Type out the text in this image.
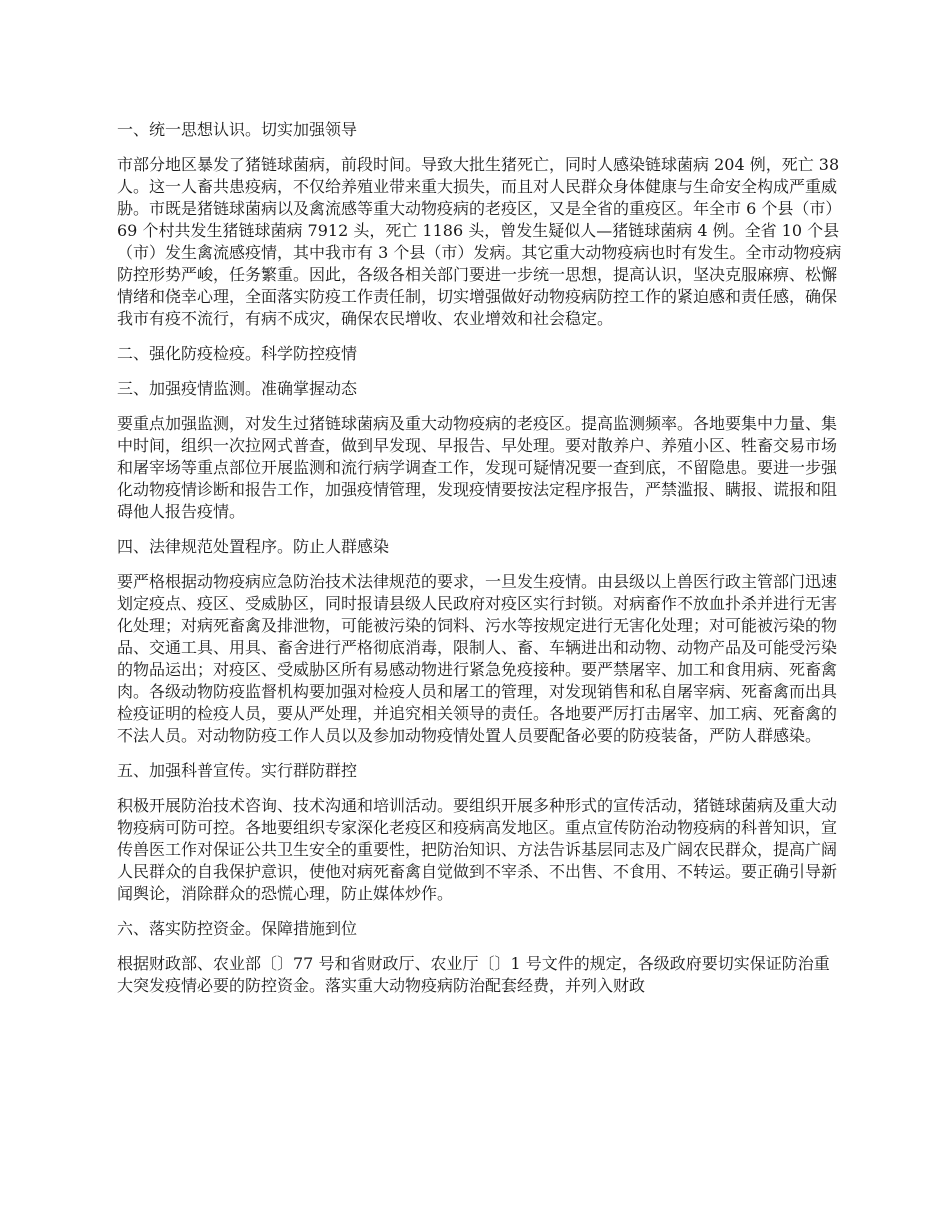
一、统一思想认识。切实加强领导
市部分地区暴发了猪链球菌病，前段时间。导致大批生猪死亡，同时人感染链球菌病 204 例，死亡 38 人。这一人畜共患疫病，不仅给养殖业带来重大损失，而且对人民群众身体健康与生命安全构成严重威胁。市既是猪链球菌病以及禽流感等重大动物疫病的老疫区，又是全省的重疫区。年全市 6 个县（市）69 个村共发生猪链球菌病 7912 头，死亡 1186 头，曾发生疑似人—猪链球菌病 4 例。全省 10 个县（市）发生禽流感疫情，其中我市有 3 个县（市）发病。其它重大动物疫病也时有发生。全市动物疫病防控形势严峻，任务繁重。因此，各级各相关部门要进一步统一思想，提高认识，坚决克服麻痹、松懈情绪和侥幸心理，全面落实防疫工作责任制，切实增强做好动物疫病防控工作的紧迫感和责任感，确保我市有疫不流行，有病不成灾，确保农民增收、农业增效和社会稳定。
二、强化防疫检疫。科学防控疫情
三、加强疫情监测。准确掌握动态
要重点加强监测，对发生过猪链球菌病及重大动物疫病的老疫区。提高监测频率。各地要集中力量、集中时间，组织一次拉网式普查，做到早发现、早报告、早处理。要对散养户、养殖小区、牲畜交易市场和屠宰场等重点部位开展监测和流行病学调查工作，发现可疑情况要一查到底，不留隐患。要进一步强化动物疫情诊断和报告工作，加强疫情管理，发现疫情要按法定程序报告，严禁滥报、瞒报、谎报和阻碍他人报告疫情。
四、法律规范处置程序。防止人群感染
要严格根据动物疫病应急防治技术法律规范的要求，一旦发生疫情。由县级以上兽医行政主管部门迅速划定疫点、疫区、受威胁区，同时报请县级人民政府对疫区实行封锁。对病畜作不放血扑杀并进行无害化处理；对病死畜禽及排泄物，可能被污染的饲料、污水等按规定进行无害化处理；对可能被污染的物品、交通工具、用具、畜舍进行严格彻底消毒，限制人、畜、车辆进出和动物、动物产品及可能受污染的物品运出；对疫区、受威胁区所有易感动物进行紧急免疫接种。要严禁屠宰、加工和食用病、死畜禽肉。各级动物防疫监督机构要加强对检疫人员和屠工的管理，对发现销售和私自屠宰病、死畜禽而出具检疫证明的检疫人员，要从严处理，并追究相关领导的责任。各地要严厉打击屠宰、加工病、死畜禽的不法人员。对动物防疫工作人员以及参加动物疫情处置人员要配备必要的防疫装备，严防人群感染。
五、加强科普宣传。实行群防群控
积极开展防治技术咨询、技术沟通和培训活动。要组织开展多种形式的宣传活动，猪链球菌病及重大动物疫病可防可控。各地要组织专家深化老疫区和疫病高发地区。重点宣传防治动物疫病的科普知识，宣传兽医工作对保证公共卫生安全的重要性，把防治知识、方法告诉基层同志及广阔农民群众，提高广阔人民群众的自我保护意识，使他对病死畜禽自觉做到不宰杀、不出售、不食用、不转运。要正确引导新闻舆论，消除群众的恐慌心理，防止媒体炒作。
六、落实防控资金。保障措施到位
根据财政部、农业部〔〕77 号和省财政厅、农业厅〔〕1 号文件的规定，各级政府要切实保证防治重大突发疫情必要的防控资金。落实重大动物疫病防治配套经费，并列入财政
